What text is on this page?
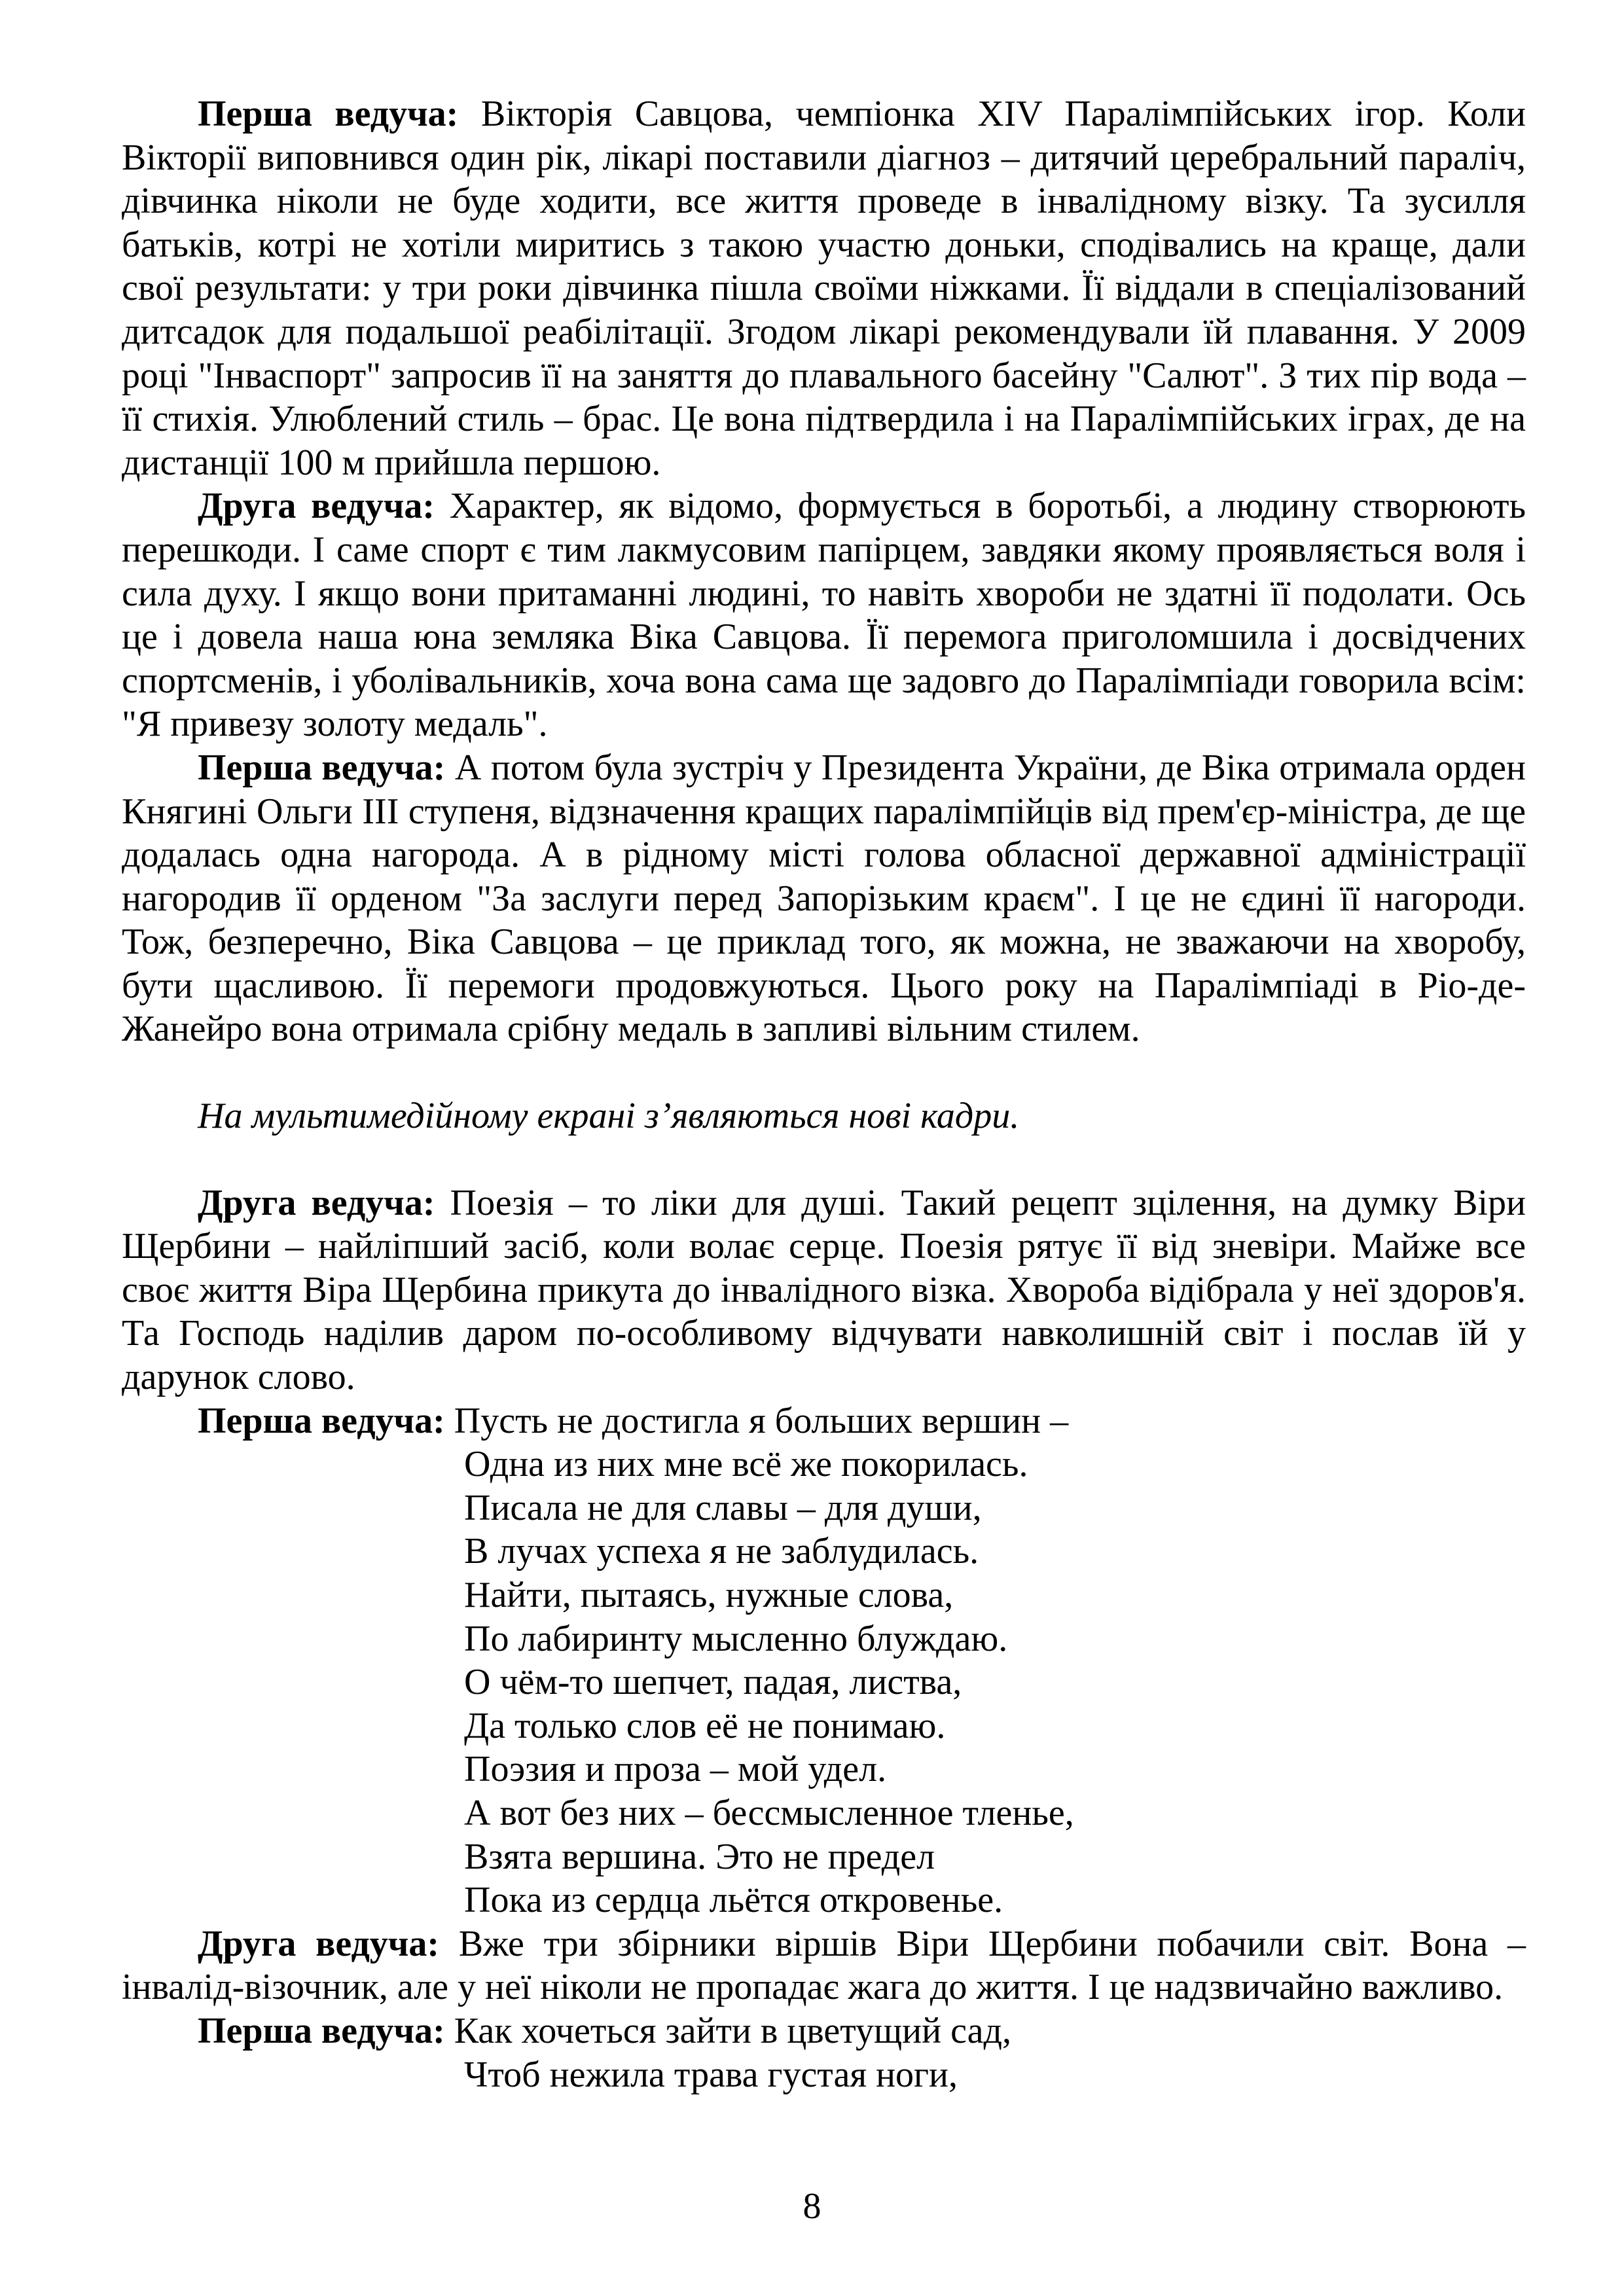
Перша ведуча: Вікторія Савцова, чемпіонка XIV Паралімпійських ігор. Коли Вікторії виповнився один рік, лікарі поставили діагноз – дитячий церебральний параліч, дівчинка ніколи не буде ходити, все життя проведе в інвалідному візку. Та зусилля батьків, котрі не хотіли миритись з такою участю доньки, сподівались на краще, дали свої результати: у три роки дівчинка пішла своїми ніжками. Її віддали в спеціалізований дитсадок для подальшої реабілітації. Згодом лікарі рекомендували їй плавання. У 2009 році "Інваспорт" запросив її на заняття до плавального басейну "Салют". З тих пір вода – її стихія. Улюблений стиль – брас. Це вона підтвердила і на Паралімпійських іграх, де на дистанції 100 м прийшла першою.

Друга ведуча: Характер, як відомо, формується в боротьбі, а людину створюють перешкоди. І саме спорт є тим лакмусовим папірцем, завдяки якому проявляється воля і сила духу. І якщо вони притаманні людині, то навіть хвороби не здатні її подолати. Ось це і довела наша юна земляка Віка Савцова. Її перемога приголомшила і досвідчених спортсменів, і уболівальників, хоча вона сама ще задовго до Паралімпіади говорила всім: "Я привезу золоту медаль".

Перша ведуча: А потом була зустріч у Президента України, де Віка отримала орден Княгині Ольги III ступеня, відзначення кращих паралімпійців від прем'єр-міністра, де ще додалась одна нагорода. А в рідному місті голова обласної державної адміністрації нагородив її орденом "За заслуги перед Запорізьким краєм". І це не єдині її нагороди. Тож, безперечно, Віка Савцова – це приклад того, як можна, не зважаючи на хворобу, бути щасливою. Її перемоги продовжуються. Цього року на Паралімпіаді в Ріо-де-Жанейро вона отримала срібну медаль в запливі вільним стилем.

На мультимедійному екрані з’являються нові кадри.

Друга ведуча: Поезія – то ліки для душі. Такий рецепт зцілення, на думку Віри Щербини – найліпший засіб, коли волає серце. Поезія рятує її від зневіри. Майже все своє життя Віра Щербина прикута до інвалідного візка. Хвороба відібрала у неї здоров'я. Та Господь наділив даром по-особливому відчувати навколишній світ і послав їй у дарунок слово.

Перша ведуча: Пусть не достигла я больших вершин –

Одна из них мне всё же покорилась.
Писала не для славы – для души,
В лучах успеха я не заблудилась.
Найти, пытаясь, нужные слова,
По лабиринту мысленно блуждаю.
О чём-то шепчет, падая, листва,
Да только слов её не понимаю.
Поэзия и проза – мой удел.
А вот без них – бессмысленное тленье,
Взята вершина. Это не предел
Пока из сердца льётся откровенье.

Друга ведуча: Вже три збірники віршів Віри Щербини побачили світ. Вона – інвалід-візочник, але у неї ніколи не пропадає жага до життя. І це надзвичайно важливо.

Перша ведуча: Как хочеться зайти в цветущий сад,

Чтоб нежила трава густая ноги,
8
